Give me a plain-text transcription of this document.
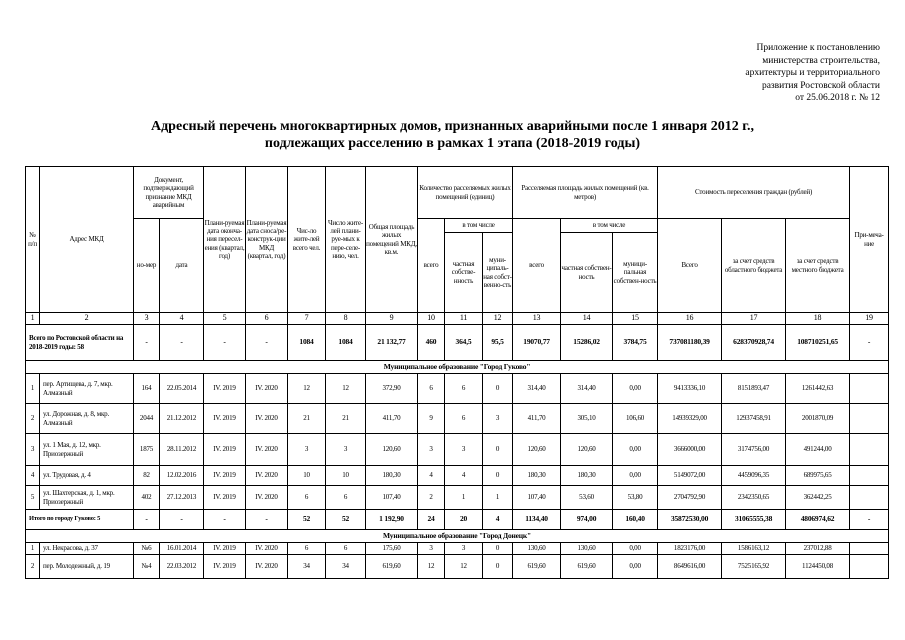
Приложение к постановлению
министерства строительства,
архитектуры и территориального
развития Ростовской области
от 25.06.2018 г. № 12
Адресный перечень многоквартирных домов, признанных аварийными после 1 января 2012 г.,
подлежащих расселению в рамках 1 этапа (2018-2019 годы)
№ п/п	Адрес МКД	Документ, подтверждающий признание МКД аварийным		Плани-руемая дата оконча-ния пересел-ения (квартал, год)	Плани-руемая дата сноса/ре-конструк-ции МКД (квартал, год)	Чис-ло жите-лей всего чел.	Число жите-лей плани-руе-мых к пере-селе-нию, чел.	Общая площадь жилых помещений МКД, кв.м.	Количество расселяемых жилых помещений (единиц)			Расселяемая площадь жилых помещений (кв. метров)			Стоимость переселения граждан (рублей)			При-меча-ние
		но-мер	дата						всего	в том числе		всего	в том числе		Всего	за счет средств областного бюджета	за счет средств местного бюджета	
										частная собстве-нность	муни-ципаль-ная собст-венно-сть		частная собствен-ность	муници-пальная собствен-ность				
1	2	3	4	5	6	7	8	9	10	11	12	13	14	15	16	17	18	19
Всего по Ростовской области на 2018-2019 годы: 58		-	-	-	-	1084	1084	21 132,77	460	364,5	95,5	19070,77	15286,02	3784,75	737081180,39	628370928,74	108710251,65	-
Муниципальное образование "Город Гуково"																		
1	пер. Артищева, д. 7, мкр. Алмазный	164	22.05.2014	IV. 2019	IV. 2020	12	12	372,90	6	6	0	314,40	314,40	0,00	9413336,10	8151893,47	1261442,63	
2	ул. Дорожная, д. 8, мкр. Алмазный	2044	21.12.2012	IV. 2019	IV. 2020	21	21	411,70	9	6	3	411,70	305,10	106,60	14939329,00	12937458,91	2001870,09	
3	ул. 1 Мая, д. 12, мкр. Приозержный	1875	28.11.2012	IV. 2019	IV. 2020	3	3	120,60	3	3	0	120,60	120,60	0,00	3666000,00	3174756,00	491244,00	
4	ул. Трудовая, д. 4	82	12.02.2016	IV. 2019	IV. 2020	10	10	180,30	4	4	0	180,30	180,30	0,00	5149072,00	4459096,35	689975,65	
5	ул. Шахтерская, д. 1, мкр. Приозержный	402	27.12.2013	IV. 2019	IV. 2020	6	6	107,40	2	1	1	107,40	53,60	53,80	2704792,90	2342350,65	362442,25	
Итого по городу Гуково: 5		-	-	-	-	52	52	1 192,90	24	20	4	1134,40	974,00	160,40	35872530,00	31065555,38	4806974,62	-
Муниципальное образование "Город Донецк"																		
1	ул. Некрасова, д. 37	№6	16.01.2014	IV. 2019	IV. 2020	6	6	175,60	3	3	0	130,60	130,60	0,00	1823176,00	1586163,12	237012,88	
2	пер. Молодежный, д. 19	№4	22.03.2012	IV. 2019	IV. 2020	34	34	619,60	12	12	0	619,60	619,60	0,00	8649616,00	7525165,92	1124450,08	
